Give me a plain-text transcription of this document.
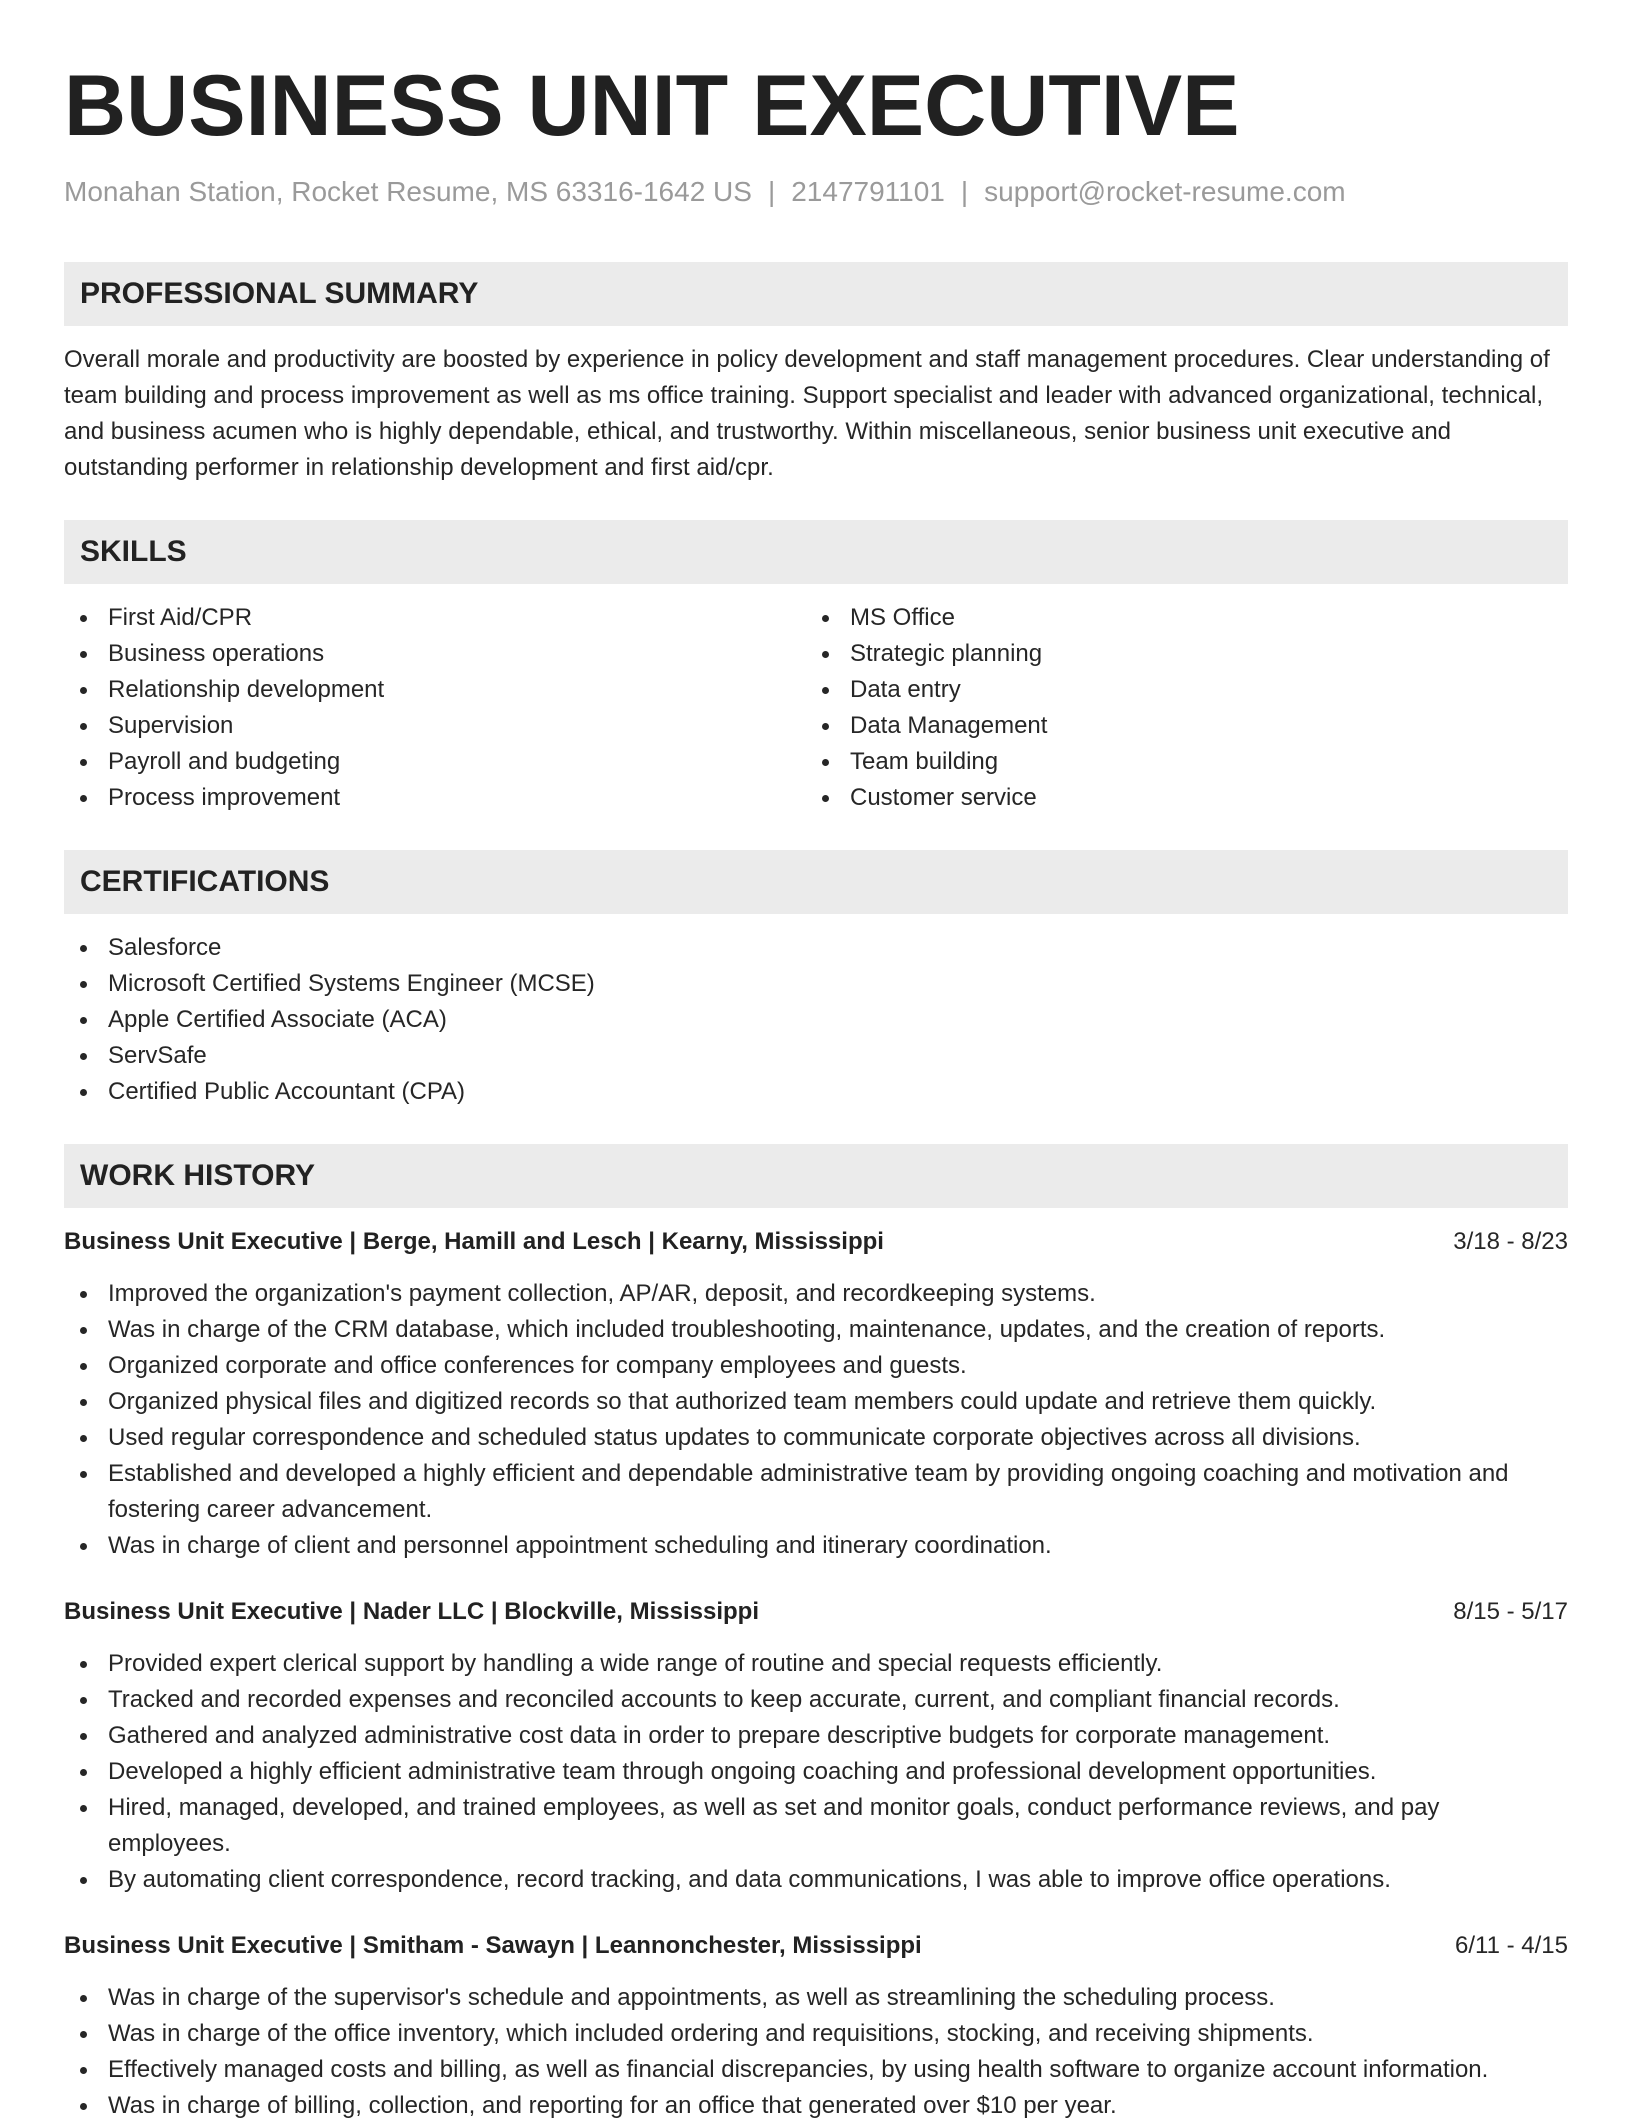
BUSINESS UNIT EXECUTIVE
Monahan Station, Rocket Resume, MS 63316-1642 US | 2147791101 | support@rocket-resume.com
PROFESSIONAL SUMMARY

Overall morale and productivity are boosted by experience in policy development and staff management procedures. Clear understanding of team building and process improvement as well as ms office training. Support specialist and leader with advanced organizational, technical, and business acumen who is highly dependable, ethical, and trustworthy. Within miscellaneous, senior business unit executive and outstanding performer in relationship development and first aid/cpr.

SKILLS
First Aid/CPR
Business operations
Relationship development
Supervision
Payroll and budgeting
Process improvement
MS Office
Strategic planning
Data entry
Data Management
Team building
Customer service
CERTIFICATIONS
Salesforce
Microsoft Certified Systems Engineer (MCSE)
Apple Certified Associate (ACA)
ServSafe
Certified Public Accountant (CPA)
WORK HISTORY
Business Unit Executive | Berge, Hamill and Lesch | Kearny, Mississippi	3/18 - 8/23
Improved the organization's payment collection, AP/AR, deposit, and recordkeeping systems.
Was in charge of the CRM database, which included troubleshooting, maintenance, updates, and the creation of reports.
Organized corporate and office conferences for company employees and guests.
Organized physical files and digitized records so that authorized team members could update and retrieve them quickly.
Used regular correspondence and scheduled status updates to communicate corporate objectives across all divisions.
Established and developed a highly efficient and dependable administrative team by providing ongoing coaching and motivation and fostering career advancement.
Was in charge of client and personnel appointment scheduling and itinerary coordination.
Business Unit Executive | Nader LLC | Blockville, Mississippi	8/15 - 5/17
Provided expert clerical support by handling a wide range of routine and special requests efficiently.
Tracked and recorded expenses and reconciled accounts to keep accurate, current, and compliant financial records.
Gathered and analyzed administrative cost data in order to prepare descriptive budgets for corporate management.
Developed a highly efficient administrative team through ongoing coaching and professional development opportunities.
Hired, managed, developed, and trained employees, as well as set and monitor goals, conduct performance reviews, and pay employees.
By automating client correspondence, record tracking, and data communications, I was able to improve office operations.
Business Unit Executive | Smitham - Sawayn | Leannonchester, Mississippi	6/11 - 4/15
Was in charge of the supervisor's schedule and appointments, as well as streamlining the scheduling process.
Was in charge of the office inventory, which included ordering and requisitions, stocking, and receiving shipments.
Effectively managed costs and billing, as well as financial discrepancies, by using health software to organize account information.
Was in charge of billing, collection, and reporting for an office that generated over $10 per year.
